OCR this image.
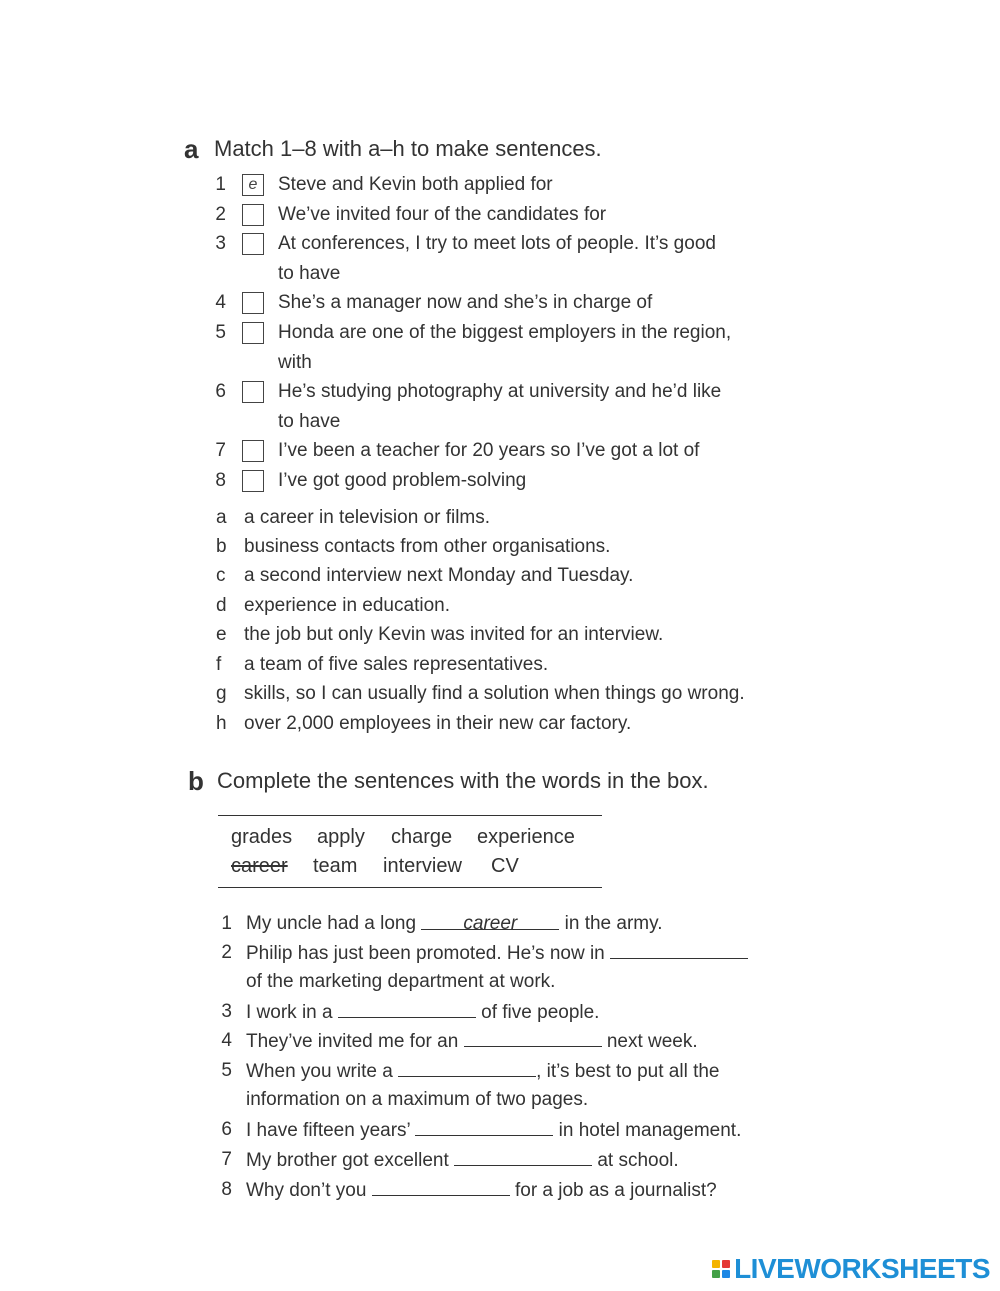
a Match 1–8 with a–h to make sentences.
1	e	Steve and Kevin both applied for
2	We’ve invited four of the candidates for
3	At conferences, I try to meet lots of people. It’s good
to have
4	She’s a manager now and she’s in charge of
5	Honda are one of the biggest employers in the region,
with
6	He’s studying photography at university and he’d like
to have
7	I’ve been a teacher for 20 years so I’ve got a lot of
8	I’ve got good problem-solving
a a career in television or films.
b business contacts from other organisations.
c a second interview next Monday and Tuesday.
d experience in education.
e the job but only Kevin was invited for an interview.
f	a team of five sales representatives.
g skills, so I can usually find a solution when things go wrong.
h over 2,000 employees in their new car factory.
b Complete the sentences with the words in the box.
grades apply charge experience
career team interview CV
1 My uncle had a long career in the army.
2 Philip has just been promoted. He’s now in
of the marketing department at work.
3 I work in a	of five people.
4 They’ve invited me for an	next week.
5 When you write a	, it’s best to put all the
information on a maximum of two pages.
6 I have fifteen years’	in hotel management.
7 My brother got excellent	at school.
8 Why don’t you	for a job as a journalist?
LIVEWORKSHEETS
